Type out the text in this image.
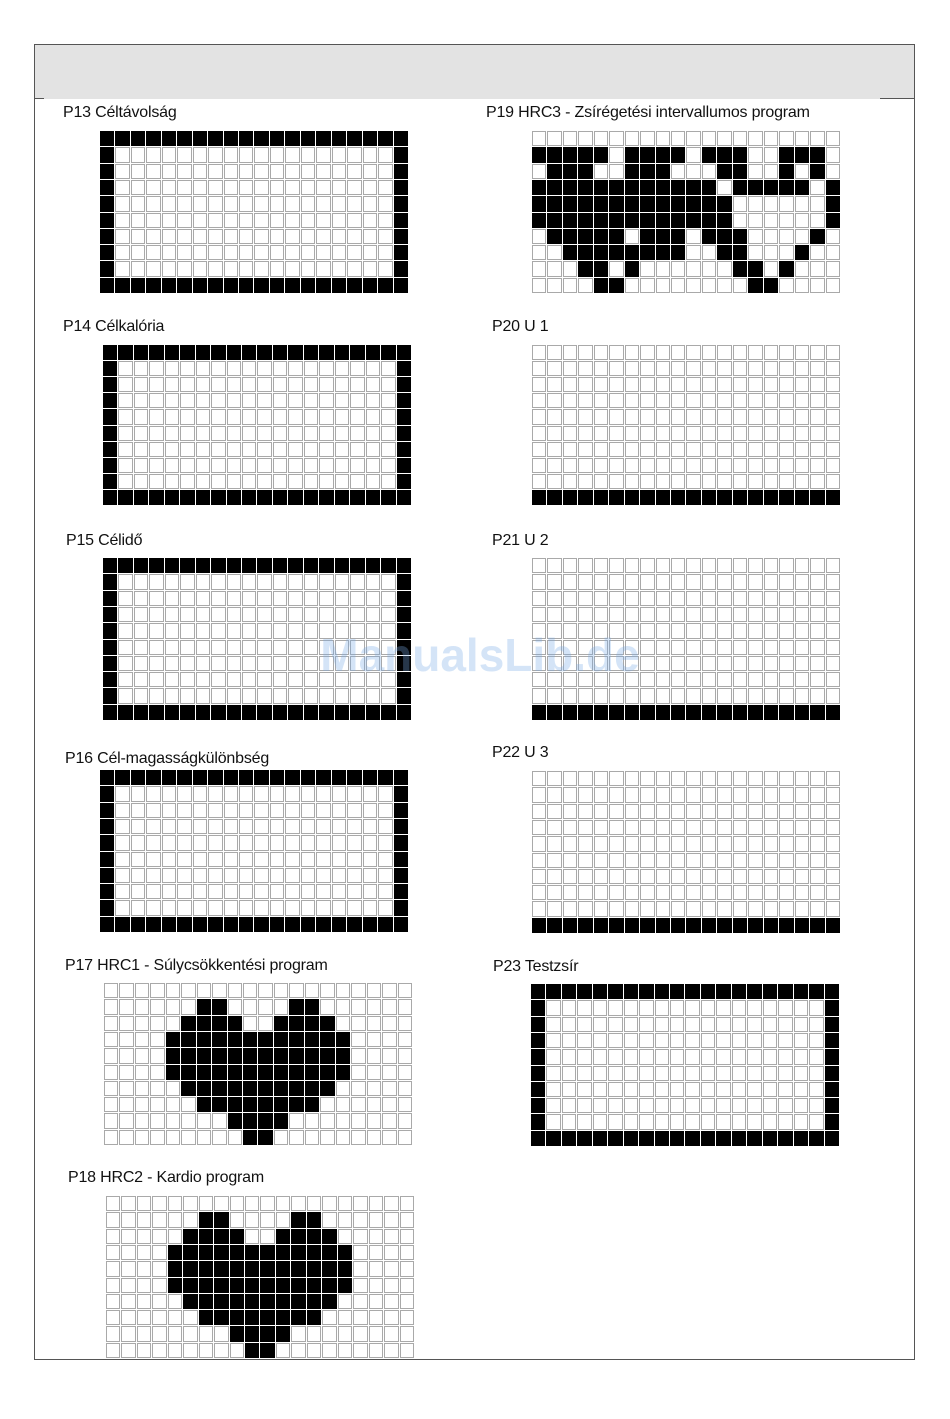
P13 Céltávolság
P14 Célkalória
P15 Célidő
P16 Cél-magasságkülönbség
P17 HRC1 - Súlycsökkentési program
P18 HRC2 - Kardio program
P19 HRC3 - Zsírégetési intervallumos program
P20 U 1
P21 U 2
P22 U 3
P23 Testzsír
ManualsLib.de
